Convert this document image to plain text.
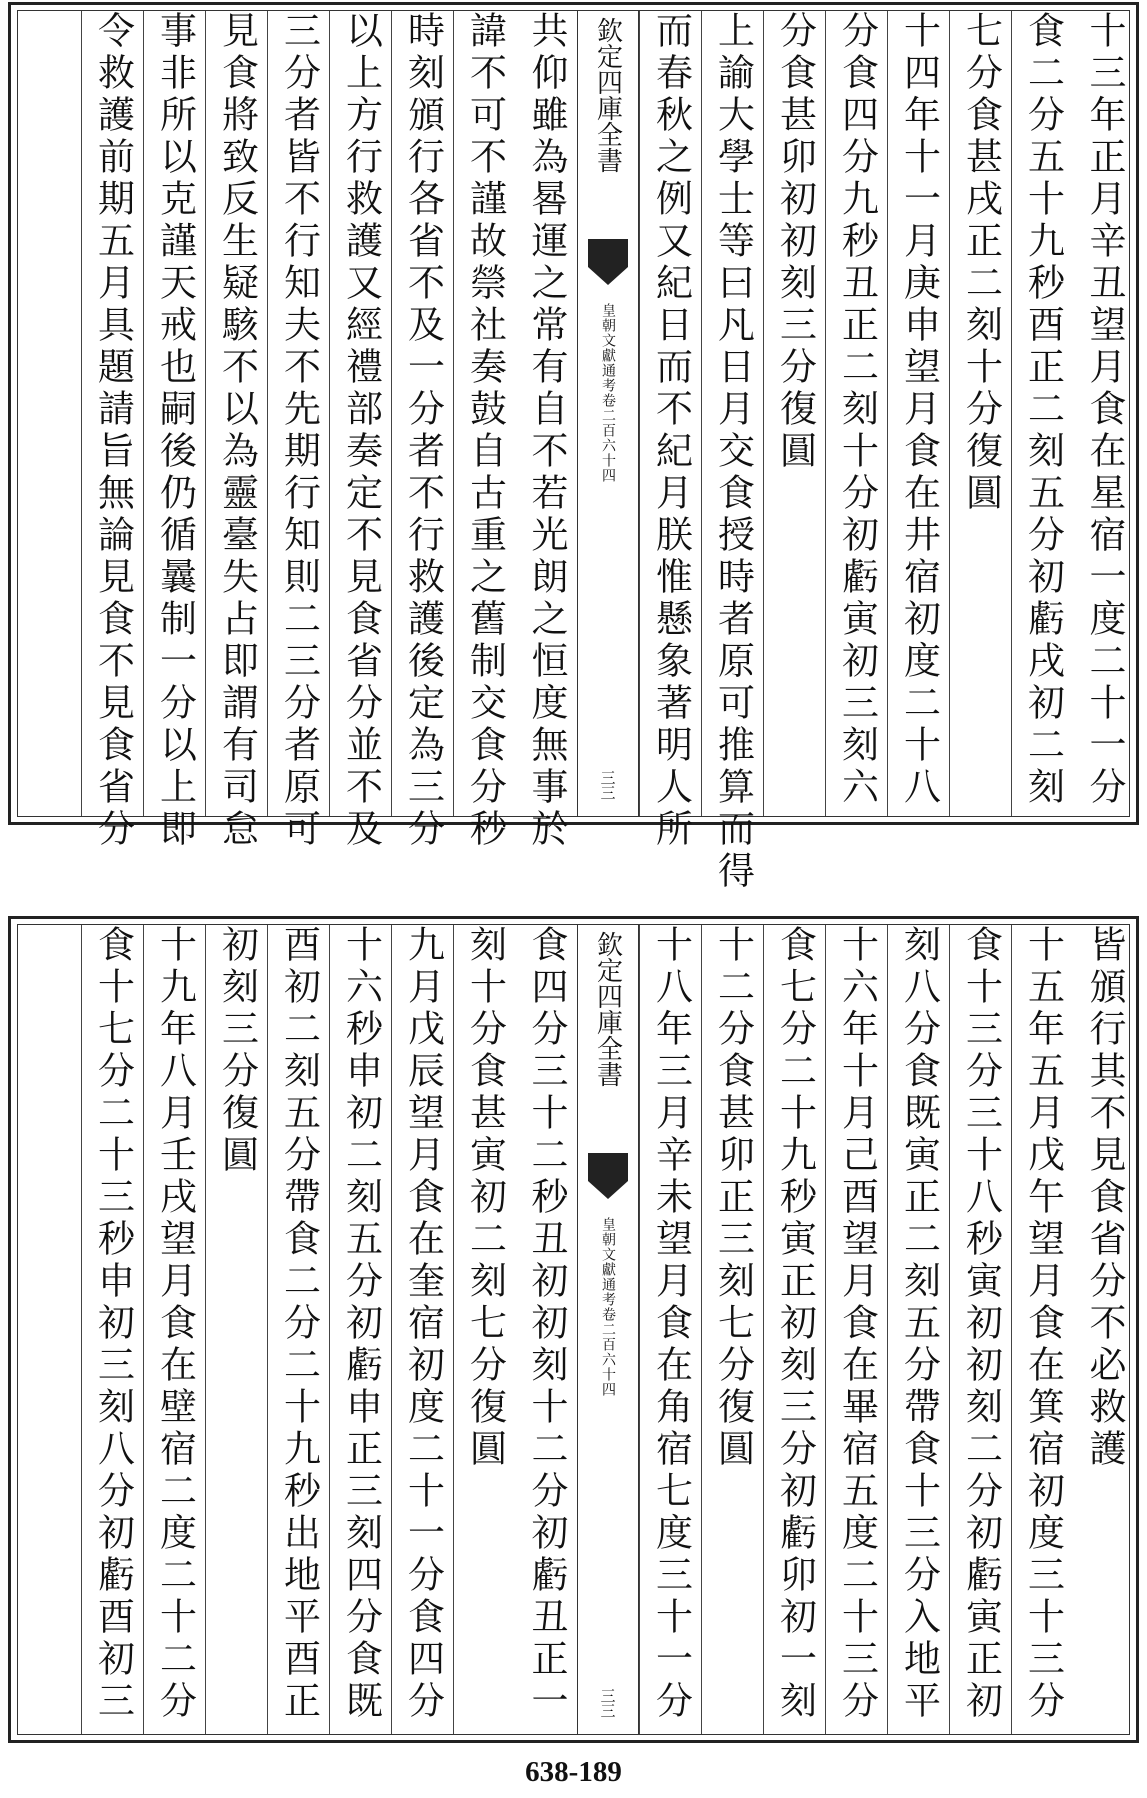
十三年正月辛丑望月食在星宿一度二十一分
食二分五十九秒酉正二刻五分初虧戌初二刻
七分食甚戌正二刻十分復圓
十四年十一月庚申望月食在井宿初度二十八
分食四分九秒丑正二刻十分初虧寅初三刻六
分食甚卯初初刻三分復圓
上諭大學士等曰凡日月交食授時者原可推算而得
而春秋之例又紀日而不紀月朕惟懸象著明人所
欽定四庫全書
皇朝文獻通考卷二百六十四
三三
共仰雖為晷運之常有自不若光朗之恒度無事於
諱不可不謹故禜社奏鼓自古重之舊制交食分秒
時刻頒行各省不及一分者不行救護後定為三分
以上方行救護又經禮部奏定不見食省分並不及
三分者皆不行知夫不先期行知則二三分者原可
見食將致反生疑駭不以為靈臺失占即謂有司怠
事非所以克謹天戒也嗣後仍循曩制一分以上即
令救護前期五月具題請旨無論見食不見食省分
皆頒行其不見食省分不必救護
十五年五月戊午望月食在箕宿初度三十三分
食十三分三十八秒寅初初刻二分初虧寅正初
刻八分食既寅正二刻五分帶食十三分入地平
十六年十月己酉望月食在畢宿五度二十三分
食七分二十九秒寅正初刻三分初虧卯初一刻
十二分食甚卯正三刻七分復圓
十八年三月辛未望月食在角宿七度三十一分
欽定四庫全書
皇朝文獻通考卷二百六十四
三三
食四分三十二秒丑初初刻十二分初虧丑正一
刻十分食甚寅初二刻七分復圓
九月戊辰望月食在奎宿初度二十一分食四分
十六秒申初二刻五分初虧申正三刻四分食既
酉初二刻五分帶食二分二十九秒出地平酉正
初刻三分復圓
十九年八月壬戌望月食在壁宿二度二十二分
食十七分二十三秒申初三刻八分初虧酉初三
638-189
